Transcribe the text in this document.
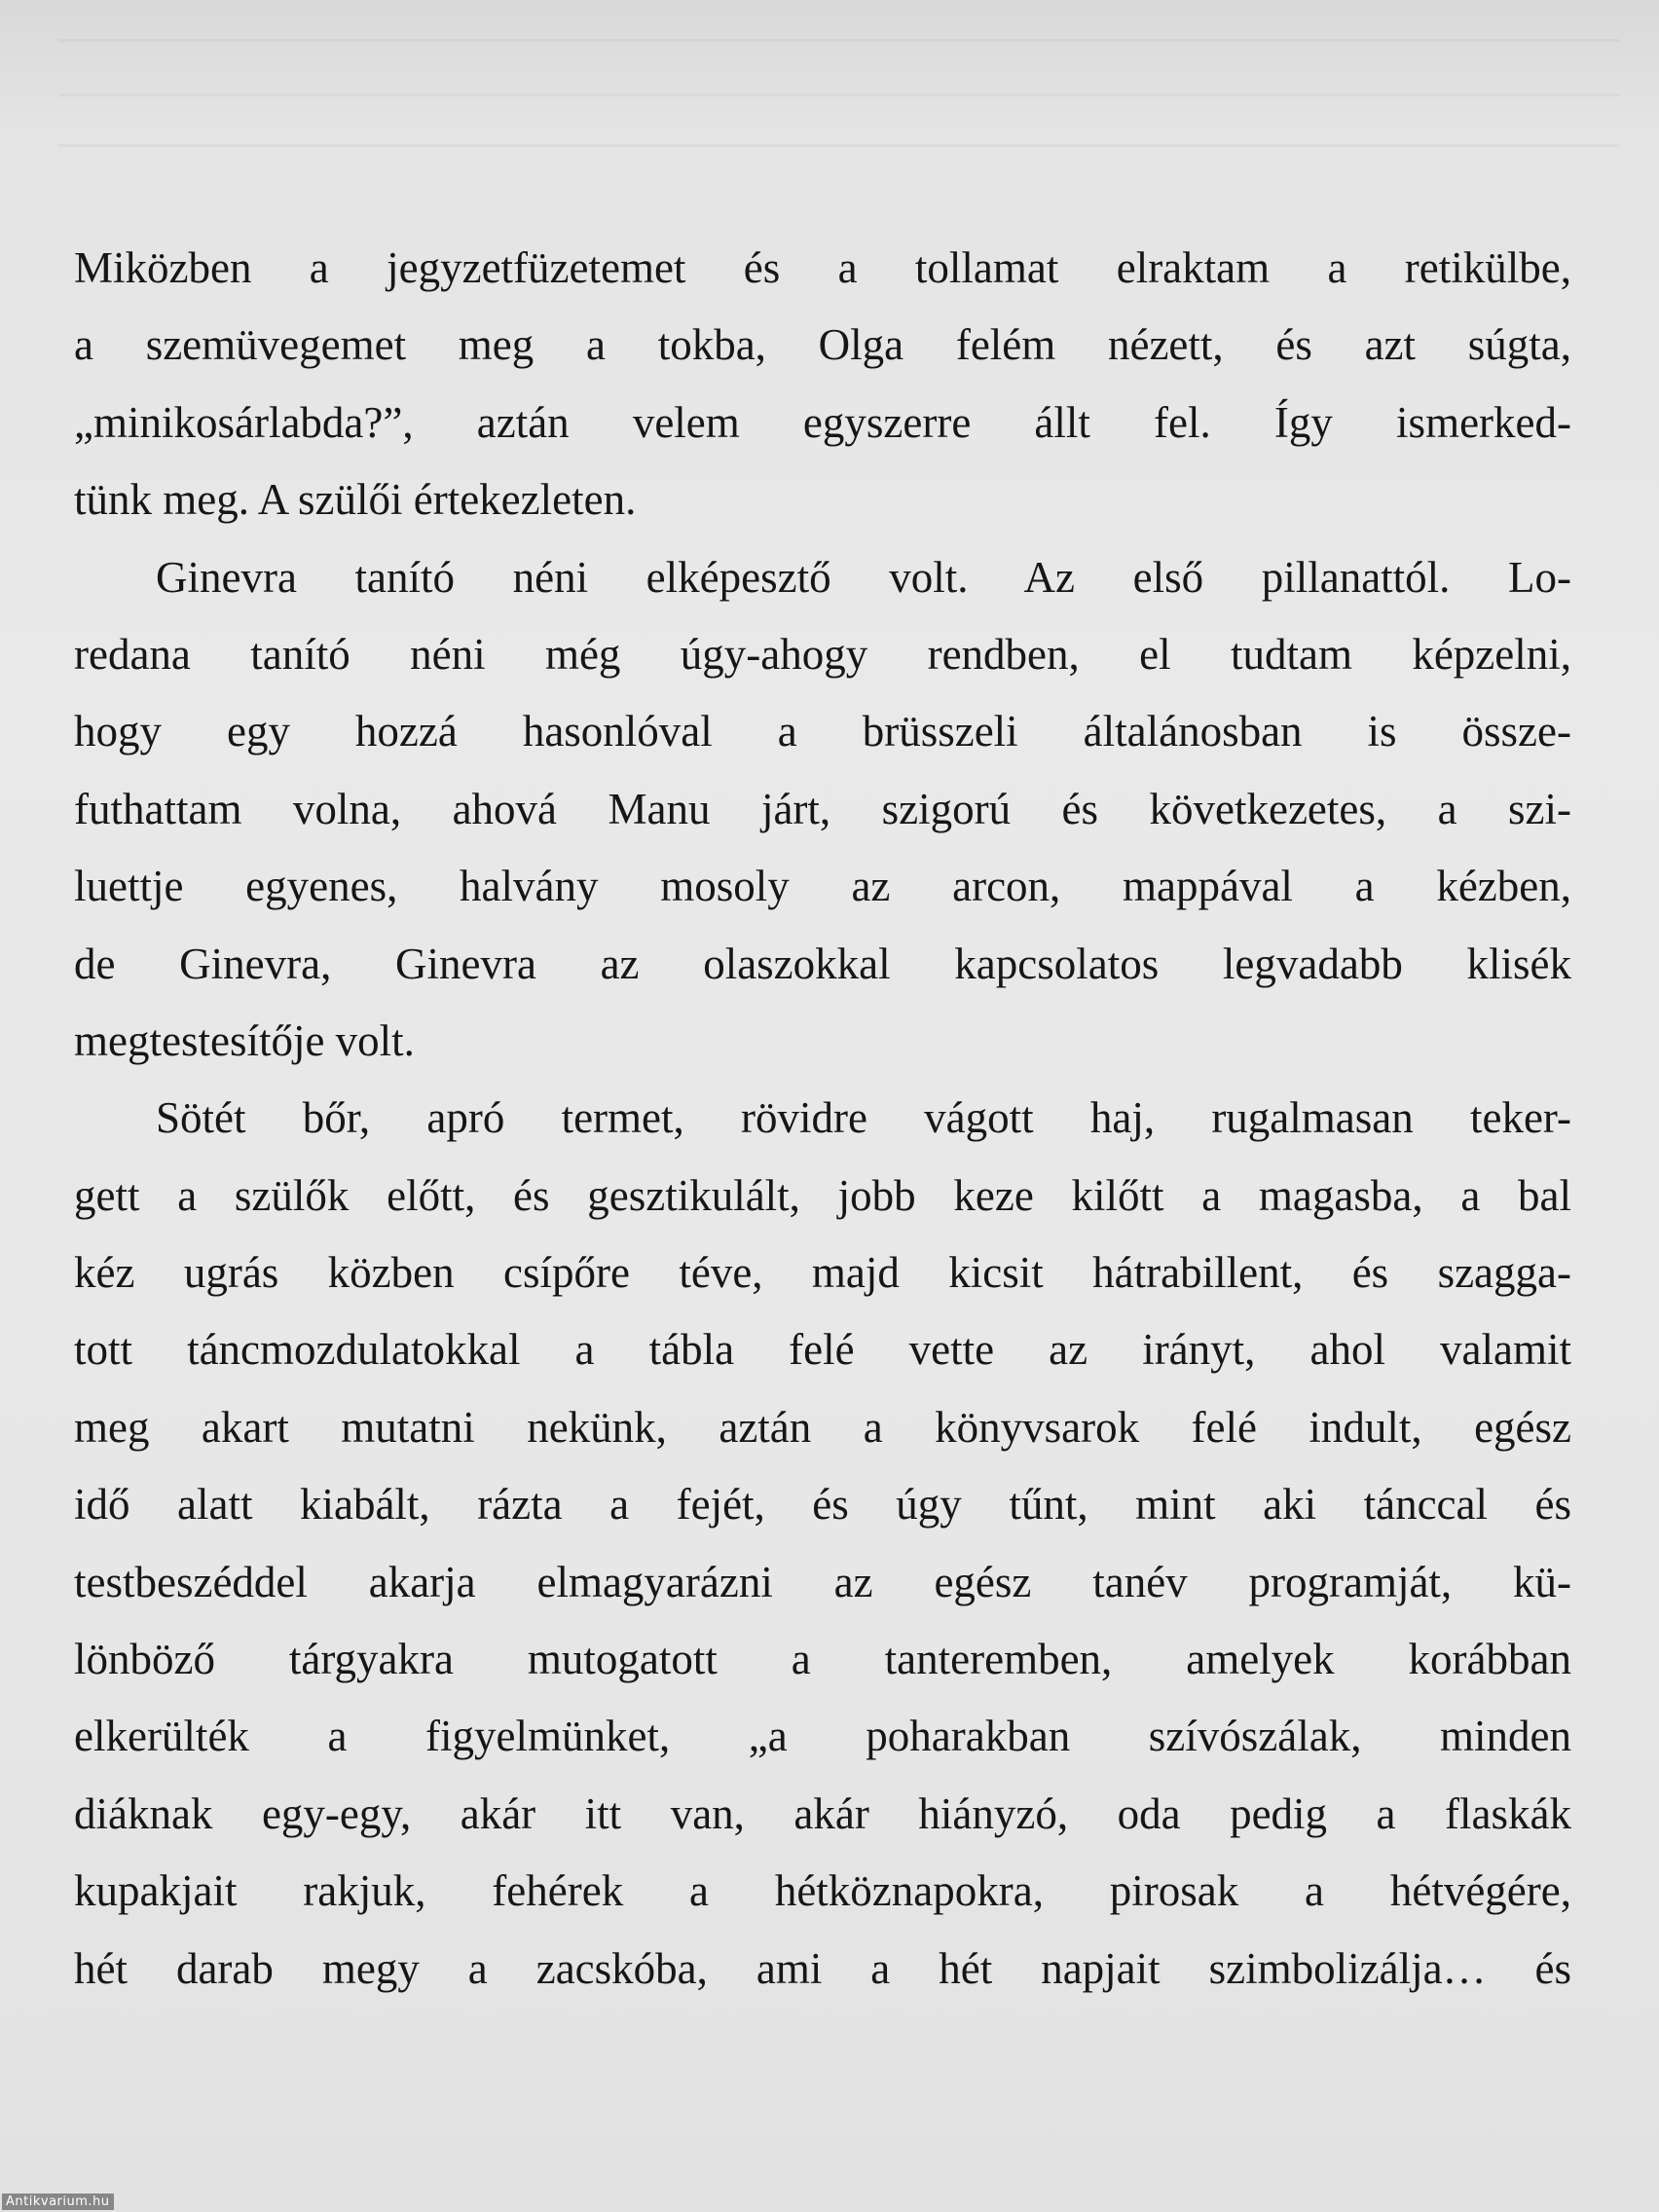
Miközben a jegyzetfüzetemet és a tollamat elraktam a retikülbe,
a szemüvegemet meg a tokba, Olga felém nézett, és azt súgta,
„minikosárlabda?”, aztán velem egyszerre állt fel. Így ismerked-
tünk meg. A szülői értekezleten.
Ginevra tanító néni elképesztő volt. Az első pillanattól. Lo-
redana tanító néni még úgy-ahogy rendben, el tudtam képzelni,
hogy egy hozzá hasonlóval a brüsszeli általánosban is össze-
futhattam volna, ahová Manu járt, szigorú és következetes, a szi-
luettje egyenes, halvány mosoly az arcon, mappával a kézben,
de Ginevra, Ginevra az olaszokkal kapcsolatos legvadabb klisék
megtestesítője volt.
Sötét bőr, apró termet, rövidre vágott haj, rugalmasan teker-
gett a szülők előtt, és gesztikulált, jobb keze kilőtt a magasba, a bal
kéz ugrás közben csípőre téve, majd kicsit hátrabillent, és szagga-
tott táncmozdulatokkal a tábla felé vette az irányt, ahol valamit
meg akart mutatni nekünk, aztán a könyvsarok felé indult, egész
idő alatt kiabált, rázta a fejét, és úgy tűnt, mint aki tánccal és
testbeszéddel akarja elmagyarázni az egész tanév programját, kü-
lönböző tárgyakra mutogatott a tanteremben, amelyek korábban
elkerülték a figyelmünket, „a poharakban szívószálak, minden
diáknak egy-egy, akár itt van, akár hiányzó, oda pedig a flaskák
kupakjait rakjuk, fehérek a hétköznapokra, pirosak a hétvégére,
hét darab megy a zacskóba, ami a hét napjait szimbolizálja… és
Antikvarium.hu
